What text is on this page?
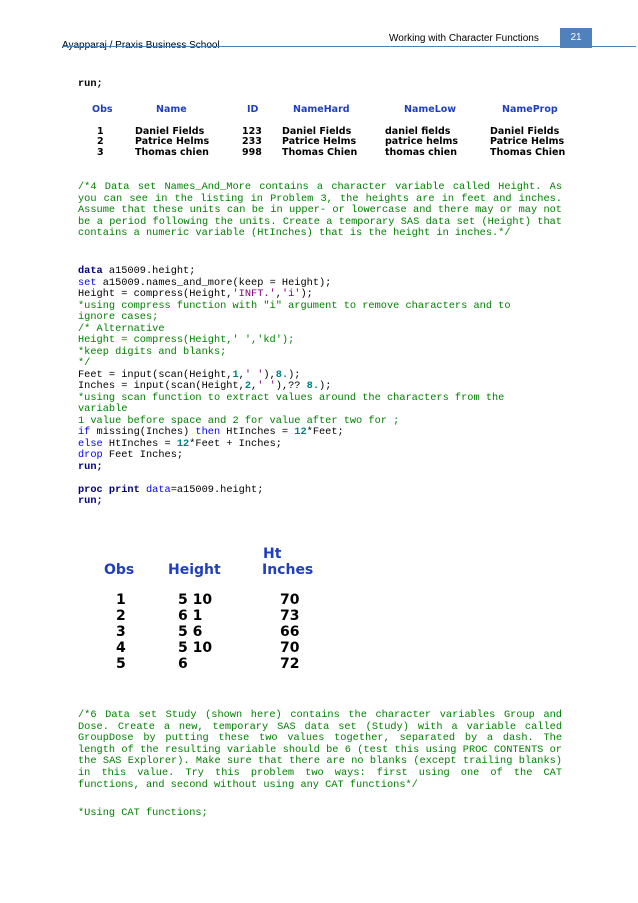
Working with Character Functions	21
run;
Obs	Name	ID	NameHard	NameLow	NameProp
1	Daniel Fields	123 Daniel Fields	daniel fields	Daniel Fields
2	Patrice Helms	233 Patrice Helms	patrice helms	Patrice Helms
3	Thomas chien	998 Thomas Chien	thomas chien	Thomas Chien
/*4 Data set Names_And_More contains a character variable called Height. As you can see in the listing in Problem 3, the heights are in feet and inches. Assume that these units can be in upper- or lowercase and there may or may not be a period following the units. Create a temporary SAS data set (Height) that contains a numeric variable (HtInches) that is the height in inches.*/
data a15009.height;
set a15009.names_and_more(keep = Height);
Height = compress(Height,'INFT.','i');
*using compress function with "i" argument to remove characters and to
ignore cases;
/* Alternative
Height = compress(Height,' ','kd');
*keep digits and blanks;
*/
Feet = input(scan(Height,1,' '),8.);
Inches = input(scan(Height,2,' '),?? 8.);
*using scan function to extract values around the characters from the
variable
1 value before space and 2 for value after two for ;
if missing(Inches) then HtInches = 12*Feet;
else HtInches = 12*Feet + Inches;
drop Feet Inches;
run;

proc print data=a15009.height;
run;
Ht
Obs Height	Inches
1	5 10	70
2	6 1	73
3	5 6	66
4	5 10	70
5	6	72
/*6 Data set Study (shown here) contains the character variables Group and Dose. Create a new, temporary SAS data set (Study) with a variable called GroupDose by putting these two values together, separated by a dash. The length of the resulting variable should be 6 (test this using PROC CONTENTS or the SAS Explorer). Make sure that there are no blanks (except trailing blanks) in this value. Try this problem two ways: first using one of the CAT functions, and second without using any CAT functions*/
*Using CAT functions;
